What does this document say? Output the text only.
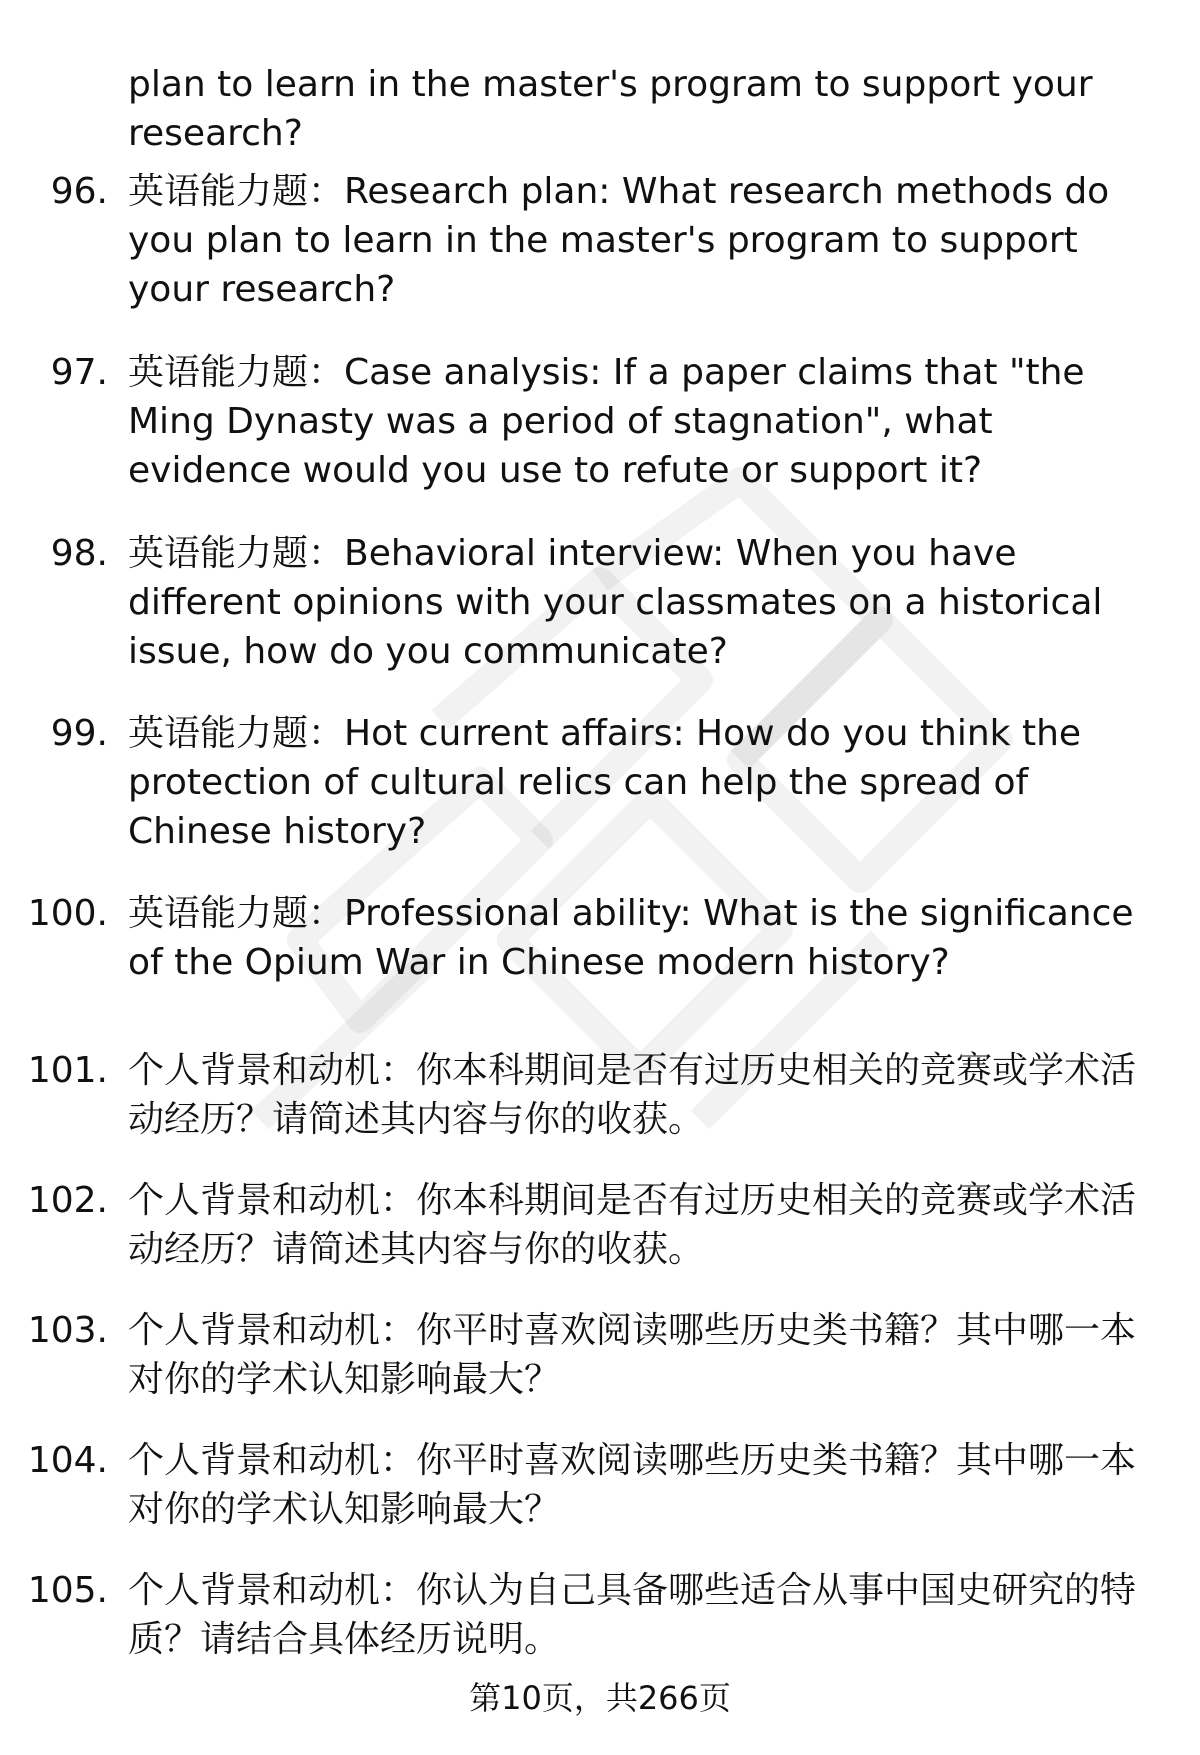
plan to learn in the master's program to support your research?
96. 英语能力题：Research plan: What research methods do you plan to learn in the master's program to support your research?
97. 英语能力题：Case analysis: If a paper claims that "the Ming Dynasty was a period of stagnation", what evidence would you use to refute or support it?
98. 英语能力题：Behavioral interview: When you have different opinions with your classmates on a historical issue, how do you communicate?
99. 英语能力题：Hot current affairs: How do you think the protection of cultural relics can help the spread of Chinese history?
100. 英语能力题：Professional ability: What is the significance of the Opium War in Chinese modern history?
101. 个人背景和动机：你本科期间是否有过历史相关的竞赛或学术活动经历？请简述其内容与你的收获。
102. 个人背景和动机：你本科期间是否有过历史相关的竞赛或学术活动经历？请简述其内容与你的收获。
103. 个人背景和动机：你平时喜欢阅读哪些历史类书籍？其中哪一本对你的学术认知影响最大？
104. 个人背景和动机：你平时喜欢阅读哪些历史类书籍？其中哪一本对你的学术认知影响最大？
105. 个人背景和动机：你认为自己具备哪些适合从事中国史研究的特质？请结合具体经历说明。
第10页，共266页
